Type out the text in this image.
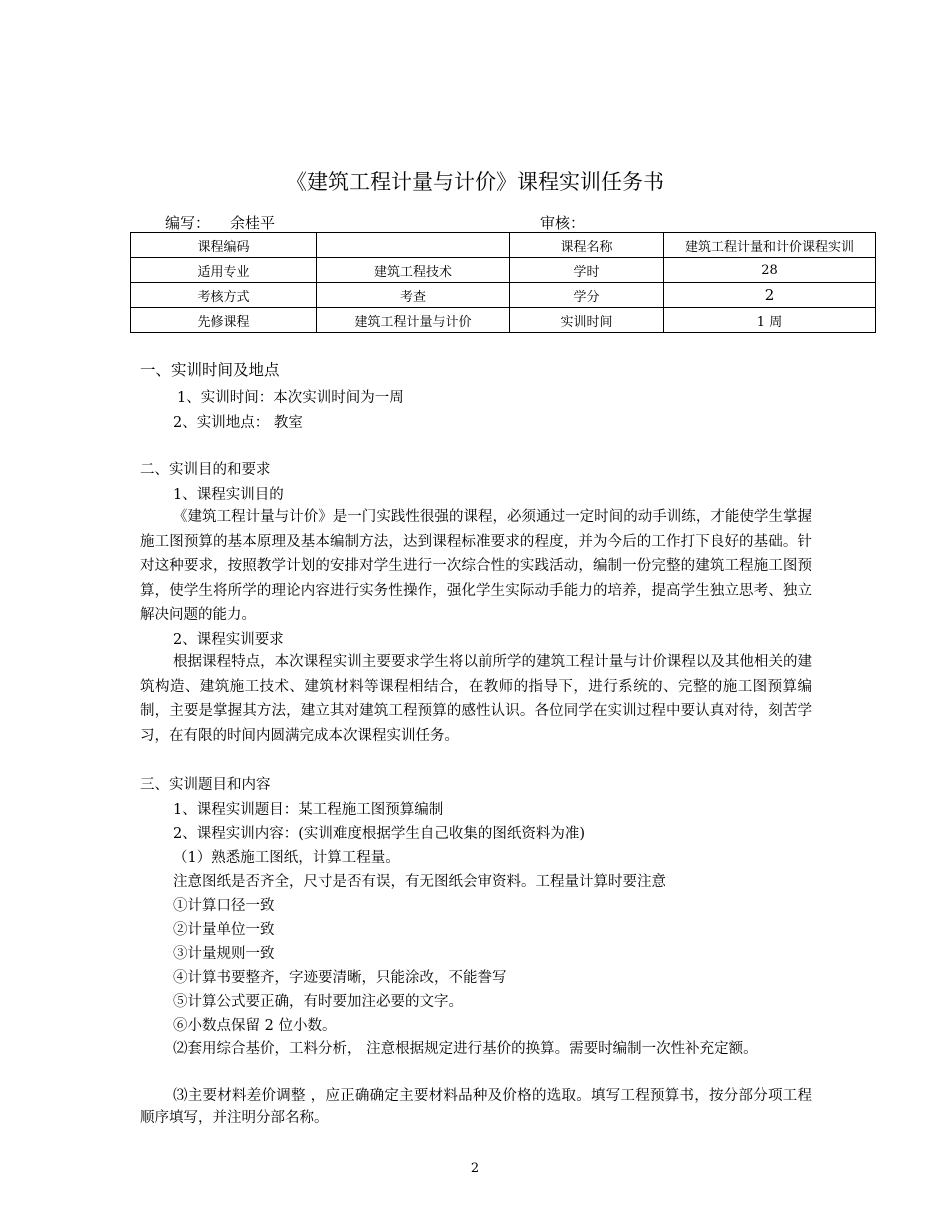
《建筑工程计量与计价》课程实训任务书
编写： 余桂平	审核：
课程编码		课程名称	建筑工程计量和计价课程实训
适用专业	建筑工程技术	学时	28
考核方式	考查	学分	2
先修课程	建筑工程计量与计价	实训时间	1 周
一、实训时间及地点
1、实训时间：本次实训时间为一周
2、实训地点： 教室
二、实训目的和要求
1、课程实训目的
《建筑工程计量与计价》是一门实践性很强的课程，必须通过一定时间的动手训练，才能使学生掌握施工图预算的基本原理及基本编制方法，达到课程标准要求的程度，并为今后的工作打下良好的基础。针对这种要求，按照教学计划的安排对学生进行一次综合性的实践活动，编制一份完整的建筑工程施工图预算，使学生将所学的理论内容进行实务性操作，强化学生实际动手能力的培养，提高学生独立思考、独立解决问题的能力。
2、课程实训要求
根据课程特点，本次课程实训主要要求学生将以前所学的建筑工程计量与计价课程以及其他相关的建筑构造、建筑施工技术、建筑材料等课程相结合，在教师的指导下，进行系统的、完整的施工图预算编制，主要是掌握其方法，建立其对建筑工程预算的感性认识。各位同学在实训过程中要认真对待，刻苦学习，在有限的时间内圆满完成本次课程实训任务。
三、实训题目和内容
1、课程实训题目：某工程施工图预算编制
2、课程实训内容：(实训难度根据学生自己收集的图纸资料为准)
（1）熟悉施工图纸，计算工程量。
注意图纸是否齐全，尺寸是否有误，有无图纸会审资料。工程量计算时要注意
①计算口径一致
②计量单位一致
③计量规则一致
④计算书要整齐，字迹要清晰，只能涂改，不能誊写
⑤计算公式要正确，有时要加注必要的文字。
⑥小数点保留 2 位小数。
⑵套用综合基价，工料分析， 注意根据规定进行基价的换算。需要时编制一次性补充定额。
⑶主要材料差价调整 ，应正确确定主要材料品种及价格的选取。填写工程预算书，按分部分项工程顺序填写，并注明分部名称。
2
